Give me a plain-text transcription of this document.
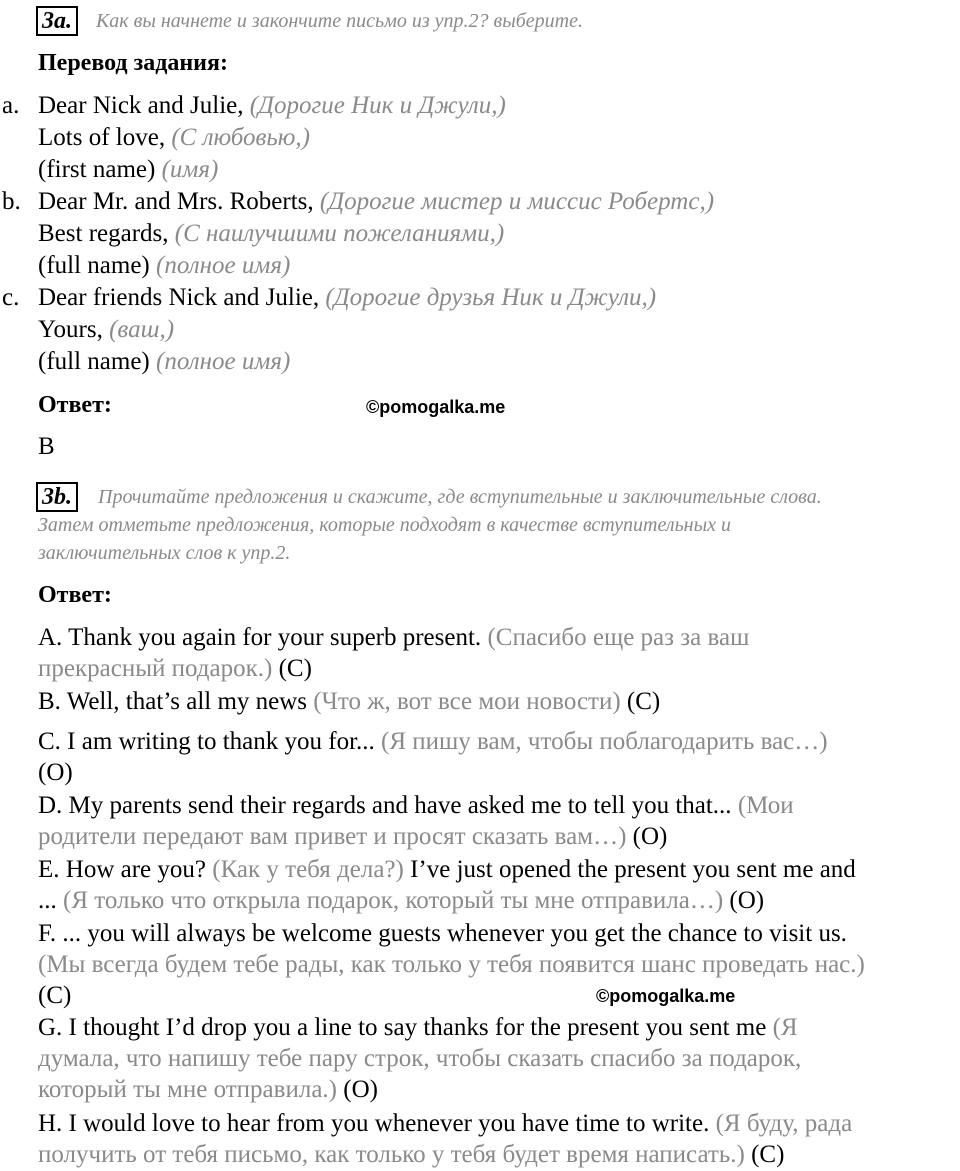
3a.	Как вы начнете и закончите письмо из упр.2? выберите.
Перевод задания:
a. Dear Nick and Julie, (Дорогие Ник и Джули,)
Lots of love, (С любовью,)
(first name) (имя)
b. Dear Mr. and Mrs. Roberts, (Дорогие мистер и миссис Робертс,)
Best regards, (С наилучшими пожеланиями,)
(full name) (полное имя)
c. Dear friends Nick and Julie, (Дорогие друзья Ник и Джули,)
Yours, (ваш,)
(full name) (полное имя)
Ответ:	©pomogalka.me
B
3b.	Прочитайте предложения и скажите, где вступительные и заключительные слова.
Затем отметьте предложения, которые подходят в качестве вступительных и
заключительных слов к упр.2.
Ответ:
A. Thank you again for your superb present. (Спасибо еще раз за ваш
прекрасный подарок.) (C)
B. Well, that’s all my news (Что ж, вот все мои новости) (C)
C. I am writing to thank you for... (Я пишу вам, чтобы поблагодарить вас…)
(O)
D. My parents send their regards and have asked me to tell you that... (Мои
родители передают вам привет и просят сказать вам…) (O)
E. How are you? (Как у тебя дела?) I’ve just opened the present you sent me and
... (Я только что открыла подарок, который ты мне отправила…) (O)
F. ... you will always be welcome guests whenever you get the chance to visit us.
(Мы всегда будем тебе рады, как только у тебя появится шанс проведать нас.)
(C)
G. I thought I’d drop you a line to say thanks for the present you sent me (Я
думала, что напишу тебе пару строк, чтобы сказать спасибо за подарок,
который ты мне отправила.) (O)
H. I would love to hear from you whenever you have time to write. (Я буду, рада
получить от тебя письмо, как только у тебя будет время написать.) (C)
©pomogalka.me
